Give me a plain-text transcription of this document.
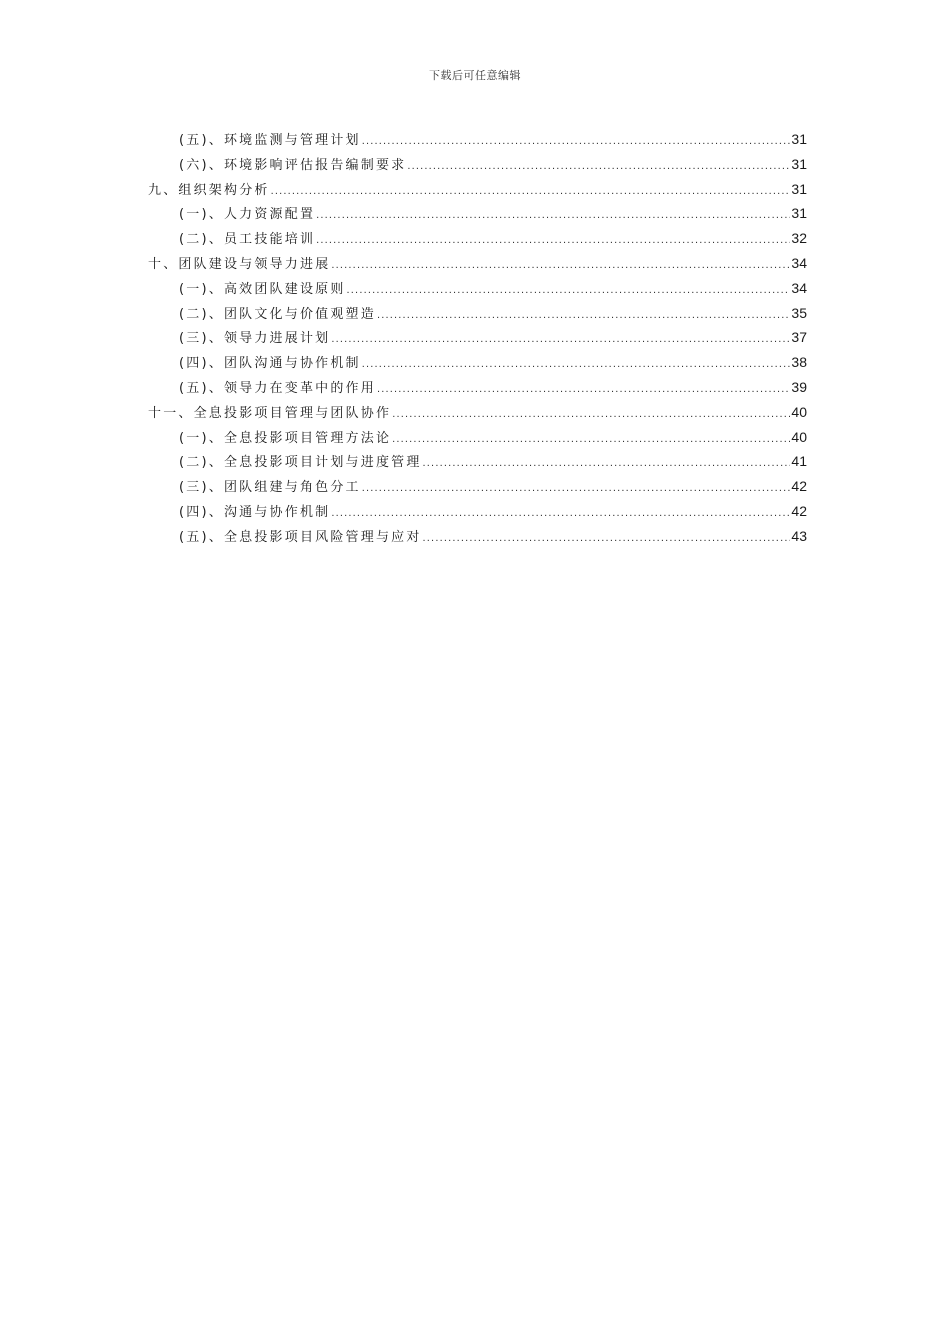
下载后可任意编辑
(五)、环境监测与管理计划 .....	31
(六)、环境影响评估报告编制要求 .....	31
九、组织架构分析 .....	31
(一)、人力资源配置 .....	31
(二)、员工技能培训 .....	32
十、团队建设与领导力进展 .....	34
(一)、高效团队建设原则 .....	34
(二)、团队文化与价值观塑造 .....	35
(三)、领导力进展计划 .....	37
(四)、团队沟通与协作机制 .....	38
(五)、领导力在变革中的作用 .....	39
十一、全息投影项目管理与团队协作 .....	40
(一)、全息投影项目管理方法论 .....	40
(二)、全息投影项目计划与进度管理 .....	41
(三)、团队组建与角色分工 .....	42
(四)、沟通与协作机制 .....	42
(五)、全息投影项目风险管理与应对 .....	43
